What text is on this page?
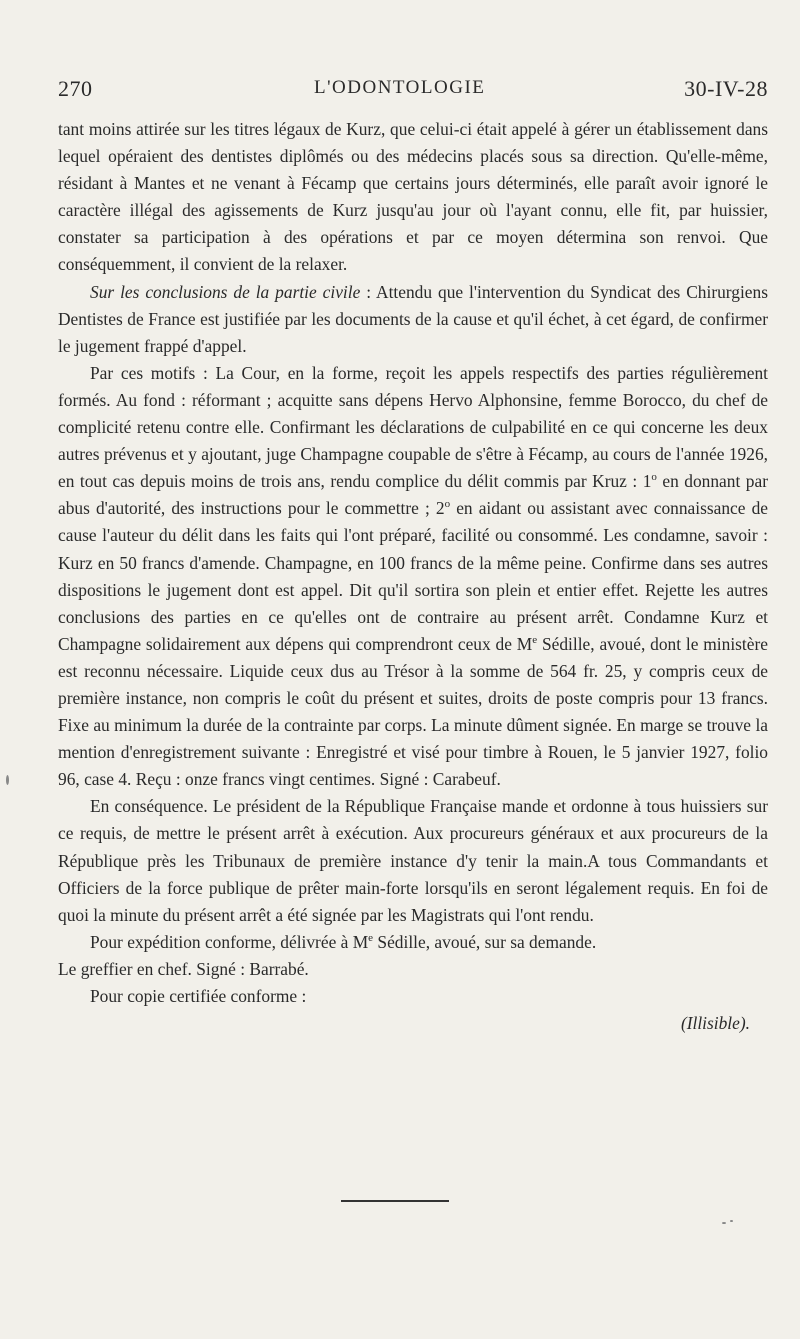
270	L'ODONTOLOGIE	30-IV-28

tant moins attirée sur les titres légaux de Kurz, que celui-ci était appelé à gérer un établissement dans lequel opéraient des dentistes diplômés ou des médecins placés sous sa direction. Qu'elle-même, résidant à Mantes et ne venant à Fécamp que certains jours déterminés, elle paraît avoir ignoré le caractère illégal des agissements de Kurz jusqu'au jour où l'ayant connu, elle fit, par huissier, constater sa participation à des opérations et par ce moyen détermina son renvoi. Que conséquemment, il convient de la relaxer.

Sur les conclusions de la partie civile : Attendu que l'intervention du Syndicat des Chirurgiens Dentistes de France est justifiée par les documents de la cause et qu'il échet, à cet égard, de confirmer le jugement frappé d'appel.

Par ces motifs : La Cour, en la forme, reçoit les appels respectifs des parties régulièrement formés. Au fond : réformant ; acquitte sans dépens Hervo Alphonsine, femme Borocco, du chef de complicité retenu contre elle. Confirmant les déclarations de culpabilité en ce qui concerne les deux autres prévenus et y ajoutant, juge Champagne coupable de s'être à Fécamp, au cours de l'année 1926, en tout cas depuis moins de trois ans, rendu complice du délit commis par Kruz : 1$^o$ en donnant par abus d'autorité, des instructions pour le commettre ; 2$^o$ en aidant ou assistant avec connaissance de cause l'auteur du délit dans les faits qui l'ont préparé, facilité ou consommé. Les condamne, savoir : Kurz en 50 francs d'amende. Champagne, en 100 francs de la même peine. Confirme dans ses autres dispositions le jugement dont est appel. Dit qu'il sortira son plein et entier effet. Rejette les autres conclusions des parties en ce qu'elles ont de contraire au présent arrêt. Condamne Kurz et Champagne solidairement aux dépens qui comprendront ceux de Me Sédille, avoué, dont le ministère est reconnu nécessaire. Liquide ceux dus au Trésor à la somme de 564 fr. 25, y compris ceux de première instance, non compris le coût du présent et suites, droits de poste compris pour 13 francs. Fixe au minimum la durée de la contrainte par corps. La minute dûment signée. En marge se trouve la mention d'enregistrement suivante : Enregistré et visé pour timbre à Rouen, le 5 janvier 1927, folio 96, case 4. Reçu : onze francs vingt centimes. Signé : Carabeuf.

En conséquence. Le président de la République Française mande et ordonne à tous huissiers sur ce requis, de mettre le présent arrêt à exécution. Aux procureurs généraux et aux procureurs de la République près les Tribunaux de première instance d'y tenir la main.A tous Commandants et Officiers de la force publique de prêter main-forte lorsqu'ils en seront légalement requis. En foi de quoi la minute du présent arrêt a été signée par les Magistrats qui l'ont rendu.

Pour expédition conforme, délivrée à Me Sédille, avoué, sur sa demande.

Le greffier en chef. Signé : Barrabé.

Pour copie certifiée conforme :

(Illisible).
